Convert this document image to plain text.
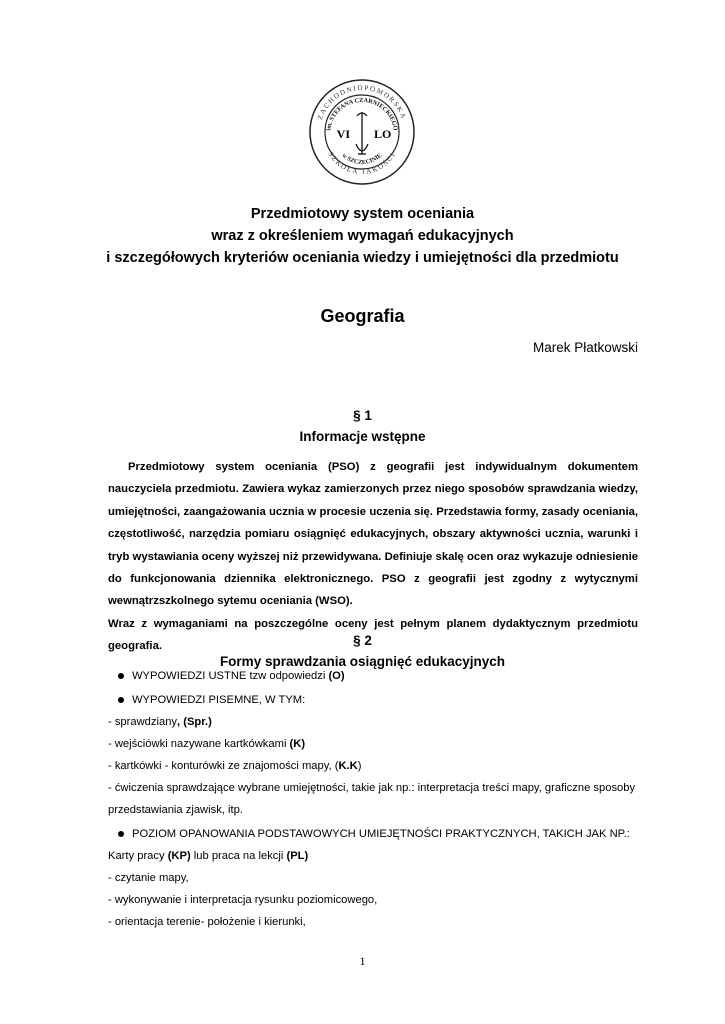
ZACHODNIOPOMORSKA
SZKOŁA JAKOŚCI
im. STEFANA CZARNIECKIEGO
w SZCZECINIE
VI LO
Przedmiotowy system oceniania
wraz z określeniem wymagań edukacyjnych
i szczegółowych kryteriów oceniania wiedzy i umiejętności dla przedmiotu
Geografia
Marek Płatkowski
§ 1
Informacje wstępne

Przedmiotowy system oceniania (PSO) z geografii jest indywidualnym dokumentem nauczyciela przedmiotu. Zawiera wykaz zamierzonych przez niego sposobów sprawdzania wiedzy, umiejętności, zaangażowania ucznia w procesie uczenia się. Przedstawia formy, zasady oceniania, częstotliwość, narzędzia pomiaru osiągnięć edukacyjnych, obszary aktywności ucznia, warunki i tryb wystawiania oceny wyższej niż przewidywana. Definiuje skalę ocen oraz wykazuje odniesienie do funkcjonowania dziennika elektronicznego. PSO z geografii jest zgodny z wytycznymi wewnątrzszkolnego sytemu oceniania (WSO).

Wraz z wymaganiami na poszczególne oceny jest pełnym planem dydaktycznym przedmiotu geografia.	§ 2
Formy sprawdzania osiągnięć edukacyjnych
WYPOWIEDZI USTNE tzw odpowiedzi (O)
WYPOWIEDZI PISEMNE, W TYM:
- sprawdziany, (Spr.)
- wejściówki nazywane kartkówkami (K)
- kartkówki - konturówki ze znajomości mapy, (K.K)
- ćwiczenia sprawdzające wybrane umiejętności, takie jak np.: interpretacja treści mapy, graficzne sposoby
przedstawiania zjawisk, itp.
POZIOM OPANOWANIA PODSTAWOWYCH UMIEJĘTNOŚCI PRAKTYCZNYCH, TAKICH JAK NP.:
Karty pracy (KP) lub praca na lekcji (PL)
- czytanie mapy,
- wykonywanie i interpretacja rysunku poziomicowego,
- orientacja terenie- położenie i kierunki,
1
